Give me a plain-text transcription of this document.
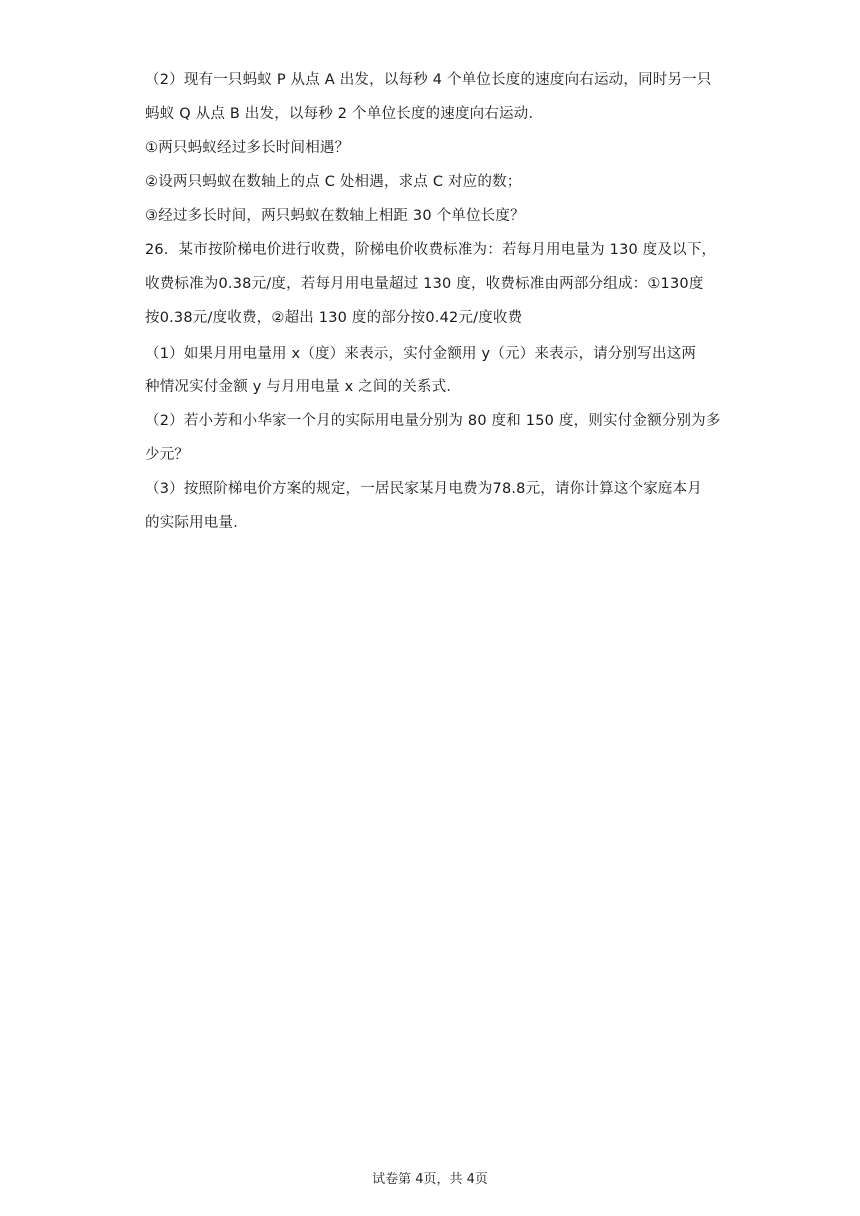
（2）现有一只蚂蚁 P 从点 A 出发，以每秒 4 个单位长度的速度向右运动，同时另一只
蚂蚁 Q 从点 B 出发，以每秒 2 个单位长度的速度向右运动．
①两只蚂蚁经过多长时间相遇？
②设两只蚂蚁在数轴上的点 C 处相遇，求点 C 对应的数；
③经过多长时间，两只蚂蚁在数轴上相距 30 个单位长度？
26．某市按阶梯电价进行收费，阶梯电价收费标准为：若每月用电量为 130 度及以下，
收费标准为0.38元/度，若每月用电量超过 130 度，收费标准由两部分组成：①130度
按0.38元/度收费，②超出 130 度的部分按0.42元/度收费
（1）如果月用电量用 x（度）来表示，实付金额用 y（元）来表示，请分别写出这两
种情况实付金额 y 与月用电量 x 之间的关系式．
（2）若小芳和小华家一个月的实际用电量分别为 80 度和 150 度，则实付金额分别为多
少元？
（3）按照阶梯电价方案的规定，一居民家某月电费为78.8元，请你计算这个家庭本月
的实际用电量．
试卷第 4页，共 4页
